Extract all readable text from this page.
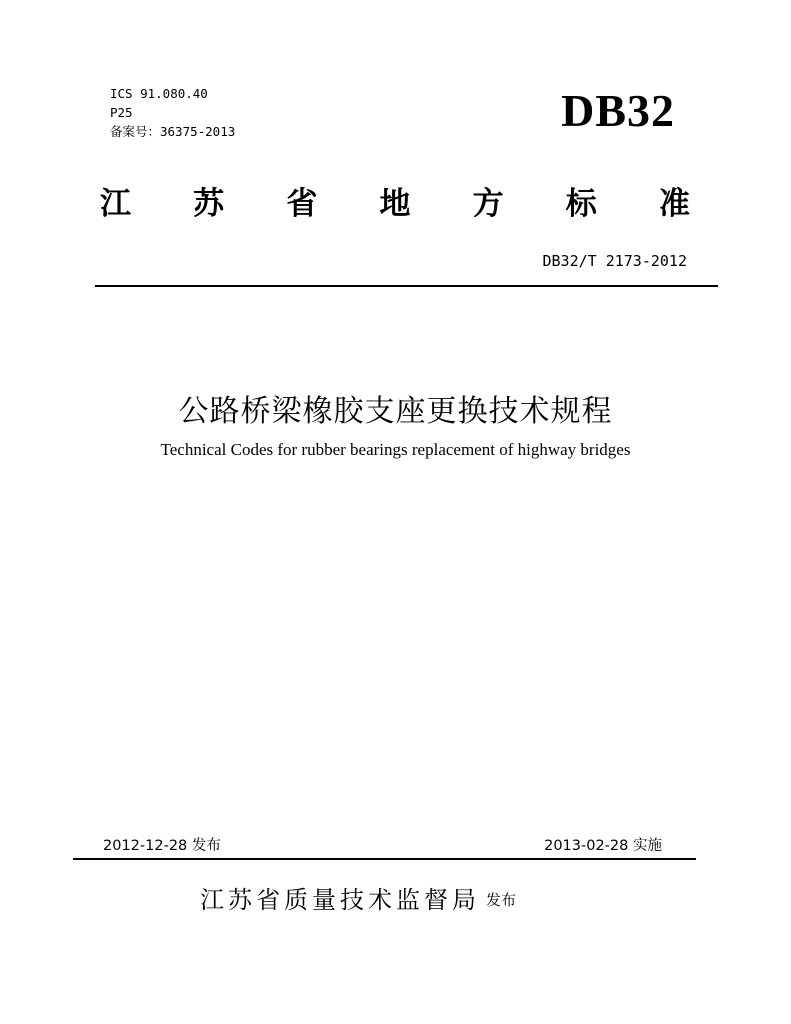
ICS 91.080.40
P25
备案号：36375-2013	DB32
江 苏 省 地 方 标 准
DB32/T 2173-2012
公路桥梁橡胶支座更换技术规程
Technical Codes for rubber bearings replacement of highway bridges
2012-12-28 发布	2013-02-28 实施
江苏省质量技术监督局 发布
